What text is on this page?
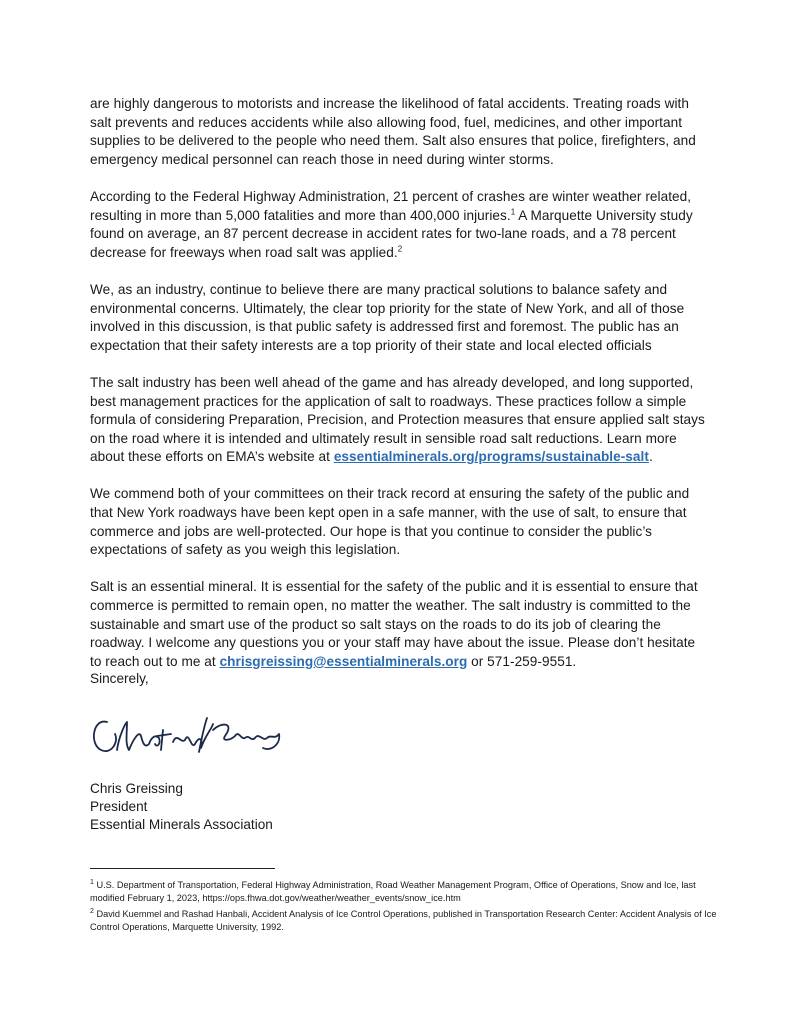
are highly dangerous to motorists and increase the likelihood of fatal accidents. Treating roads with salt prevents and reduces accidents while also allowing food, fuel, medicines, and other important supplies to be delivered to the people who need them. Salt also ensures that police, firefighters, and emergency medical personnel can reach those in need during winter storms.

According to the Federal Highway Administration, 21 percent of crashes are winter weather related, resulting in more than 5,000 fatalities and more than 400,000 injuries.$^1$ A Marquette University study found on average, an 87 percent decrease in accident rates for two-lane roads, and a 78 percent decrease for freeways when road salt was applied.$^2$

We, as an industry, continue to believe there are many practical solutions to balance safety and environmental concerns. Ultimately, the clear top priority for the state of New York, and all of those involved in this discussion, is that public safety is addressed first and foremost. The public has an expectation that their safety interests are a top priority of their state and local elected officials

The salt industry has been well ahead of the game and has already developed, and long supported, best management practices for the application of salt to roadways. These practices follow a simple formula of considering Preparation, Precision, and Protection measures that ensure applied salt stays on the road where it is intended and ultimately result in sensible road salt reductions. Learn more about these efforts on EMA’s website at essentialminerals.org/programs/sustainable-salt.

We commend both of your committees on their track record at ensuring the safety of the public and that New York roadways have been kept open in a safe manner, with the use of salt, to ensure that commerce and jobs are well-protected. Our hope is that you continue to consider the public’s expectations of safety as you weigh this legislation.

Salt is an essential mineral. It is essential for the safety of the public and it is essential to ensure that commerce is permitted to remain open, no matter the weather. The salt industry is committed to the sustainable and smart use of the product so salt stays on the roads to do its job of clearing the roadway. I welcome any questions you or your staff may have about the issue. Please don’t hesitate to reach out to me at chrisgreissing@essentialminerals.org or 571-259-9551.

Sincerely,
Chris Greissing
President
Essential Minerals Association
$^1$ U.S. Department of Transportation, Federal Highway Administration, Road Weather Management Program, Office of Operations, Snow and Ice, last modified February 1, 2023, https://ops.fhwa.dot.gov/weather/weather_events/snow_ice.htm
$^2$ David Kuemmel and Rashad Hanbali, Accident Analysis of Ice Control Operations, published in Transportation Research Center: Accident Analysis of Ice Control Operations, Marquette University, 1992.
